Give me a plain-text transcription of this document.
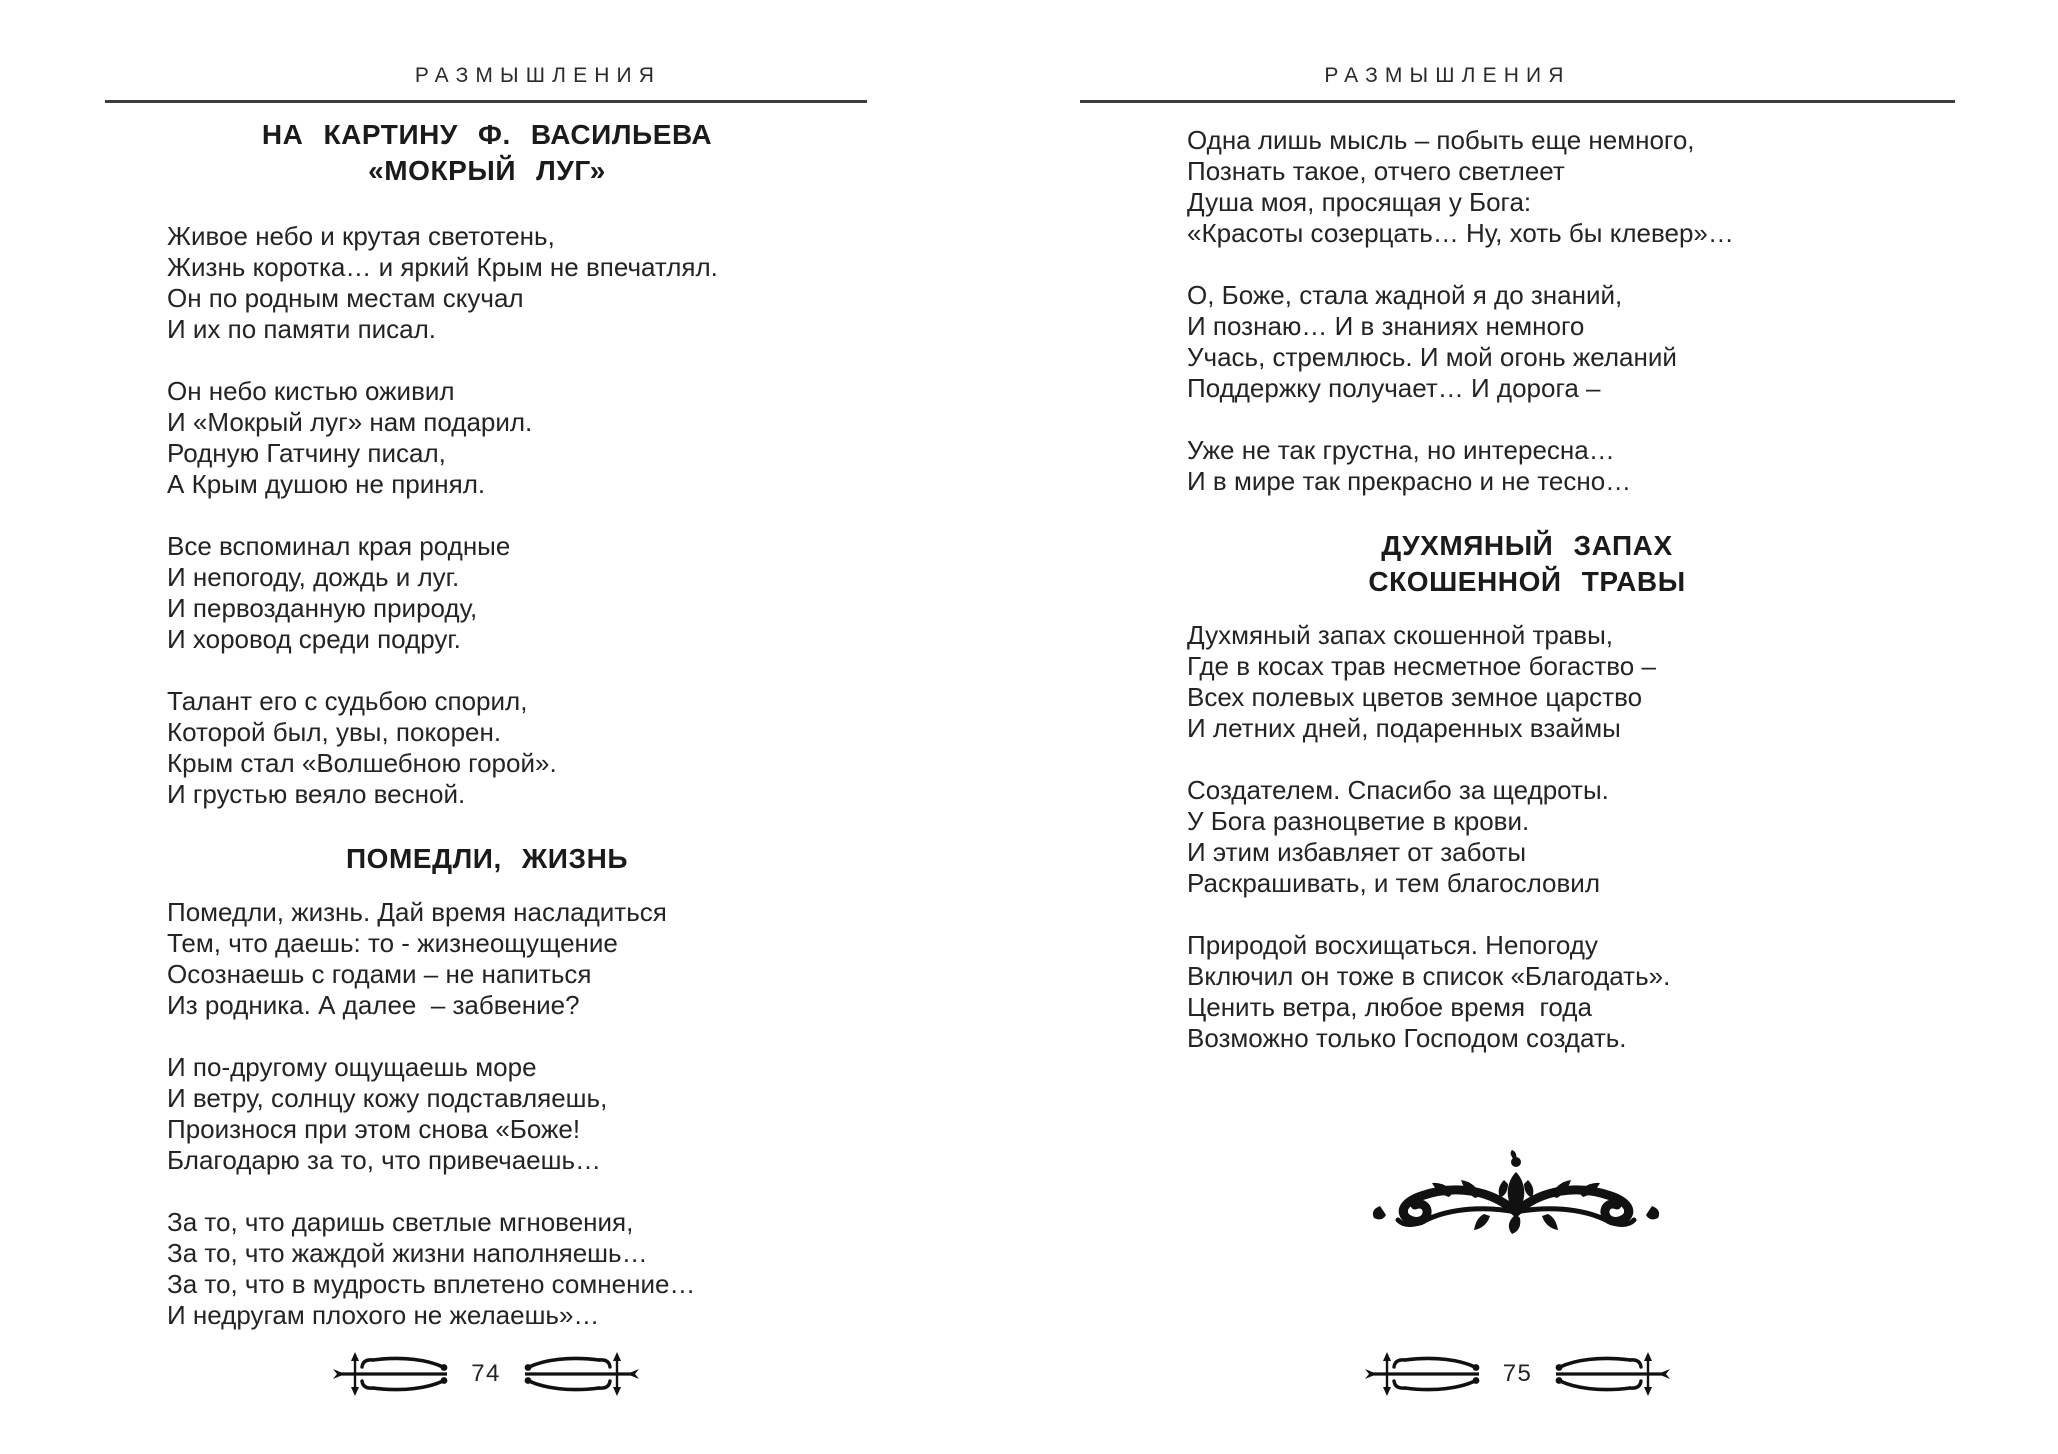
РАЗМЫШЛЕНИЯ
НА КАРТИНУ Ф. ВАСИЛЬЕВА
«МОКРЫЙ ЛУГ»

Живое небо и крутая светотень,

Жизнь коротка… и яркий Крым не впечатлял.

Он по родным местам скучал

И их по памяти писал.

Он небо кистью оживил

И «Мокрый луг» нам подарил.

Родную Гатчину писал,

А Крым душою не принял.

Все вспоминал края родные

И непогоду, дождь и луг.

И первозданную природу,

И хоровод среди подруг.

Талант его с судьбою спорил,

Которой был, увы, покорен.

Крым стал «Волшебною горой».

И грустью веяло весной.

ПОМЕДЛИ, ЖИЗНЬ

Помедли, жизнь. Дай время насладиться

Тем, что даешь: то - жизнеощущение

Осознаешь с годами – не напиться

Из родника. А далее  – забвение?

И по-другому ощущаешь море

И ветру, солнцу кожу подставляешь,

Произнося при этом снова «Боже!

Благодарю за то, что привечаешь…

За то, что даришь светлые мгновения,

За то, что жаждой жизни наполняешь…

За то, что в мудрость вплетено сомнение…

И недругам плохого не желаешь»…

74
РАЗМЫШЛЕНИЯ

Одна лишь мысль – побыть еще немного,

Познать такое, отчего светлеет

Душа моя, просящая у Бога:

«Красоты созерцать… Ну, хоть бы клевер»…

О, Боже, стала жадной я до знаний,

И познаю… И в знаниях немного

Учась, стремлюсь. И мой огонь желаний

Поддержку получает… И дорога –

Уже не так грустна, но интересна…

И в мире так прекрасно и не тесно…

ДУХМЯНЫЙ ЗАПАХ
СКОШЕННОЙ ТРАВЫ

Духмяный запах скошенной травы,

Где в косах трав несметное богаство –

Всех полевых цветов земное царство

И летних дней, подаренных взаймы

Создателем. Спасибо за щедроты.

У Бога разноцветие в крови.

И этим избавляет от заботы

Раскрашивать, и тем благословил

Природой восхищаться. Непогоду

Включил он тоже в список «Благодать».

Ценить ветра, любое время  года

Возможно только Господом создать.

75
